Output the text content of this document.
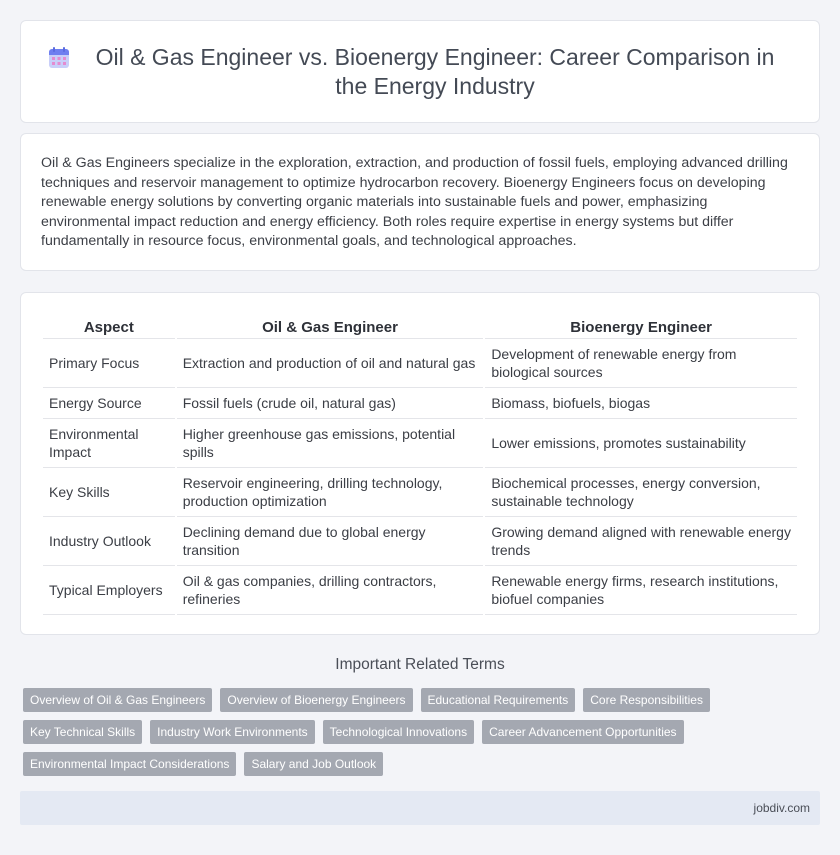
Oil & Gas Engineer vs. Bioenergy Engineer: Career Comparison in the Energy Industry

Oil & Gas Engineers specialize in the exploration, extraction, and production of fossil fuels, employing advanced drilling techniques and reservoir management to optimize hydrocarbon recovery. Bioenergy Engineers focus on developing renewable energy solutions by converting organic materials into sustainable fuels and power, emphasizing environmental impact reduction and energy efficiency. Both roles require expertise in energy systems but differ fundamentally in resource focus, environmental goals, and technological approaches.

Aspect	Oil & Gas Engineer	Bioenergy Engineer
Primary Focus	Extraction and production of oil and natural gas	Development of renewable energy from biological sources
Energy Source	Fossil fuels (crude oil, natural gas)	Biomass, biofuels, biogas
Environmental Impact	Higher greenhouse gas emissions, potential spills	Lower emissions, promotes sustainability
Key Skills	Reservoir engineering, drilling technology, production optimization	Biochemical processes, energy conversion, sustainable technology
Industry Outlook	Declining demand due to global energy transition	Growing demand aligned with renewable energy trends
Typical Employers	Oil & gas companies, drilling contractors, refineries	Renewable energy firms, research institutions, biofuel companies
Important Related Terms
Overview of Oil & Gas Engineers	Overview of Bioenergy Engineers	Educational Requirements	Core Responsibilities
Key Technical Skills	Industry Work Environments	Technological Innovations	Career Advancement Opportunities
Environmental Impact Considerations	Salary and Job Outlook
jobdiv.com
